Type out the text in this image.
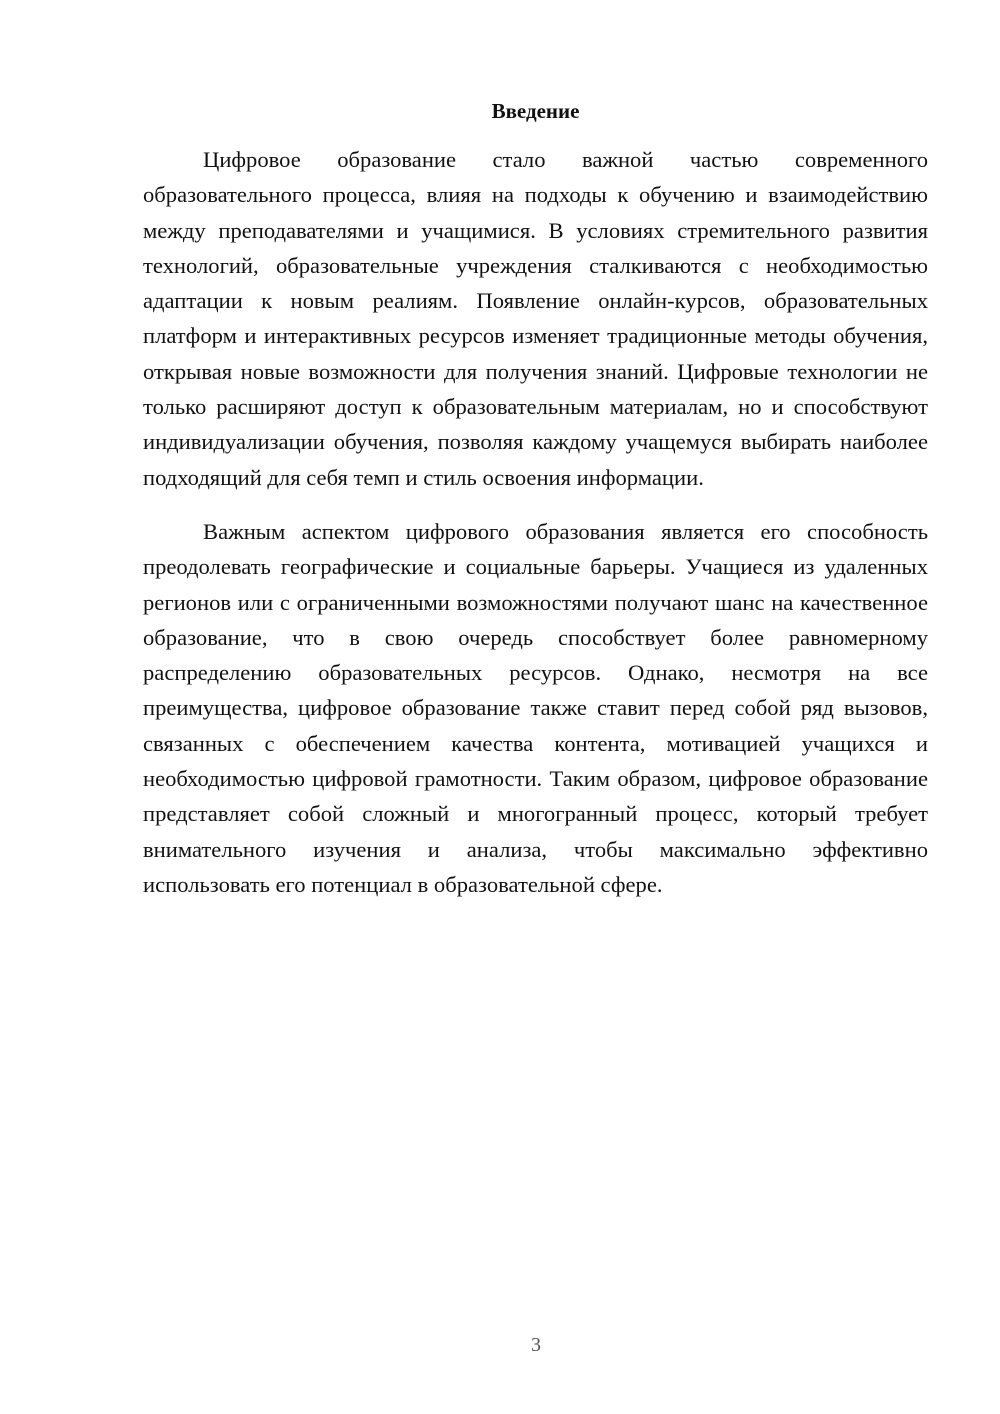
Введение

Цифровое образование стало важной частью современного образовательного процесса, влияя на подходы к обучению и взаимодействию между преподавателями и учащимися. В условиях стремительного развития технологий, образовательные учреждения сталкиваются с необходимостью адаптации к новым реалиям. Появление онлайн-курсов, образовательных платформ и интерактивных ресурсов изменяет традиционные методы обучения, открывая новые возможности для получения знаний. Цифровые технологии не только расширяют доступ к образовательным материалам, но и способствуют индивидуализации обучения, позволяя каждому учащемуся выбирать наиболее подходящий для себя темп и стиль освоения информации.

Важным аспектом цифрового образования является его способность преодолевать географические и социальные барьеры. Учащиеся из удаленных регионов или с ограниченными возможностями получают шанс на качественное образование, что в свою очередь способствует более равномерному распределению образовательных ресурсов. Однако, несмотря на все преимущества, цифровое образование также ставит перед собой ряд вызовов, связанных с обеспечением качества контента, мотивацией учащихся и необходимостью цифровой грамотности. Таким образом, цифровое образование представляет собой сложный и многогранный процесс, который требует внимательного изучения и анализа, чтобы максимально эффективно использовать его потенциал в образовательной сфере.

3
